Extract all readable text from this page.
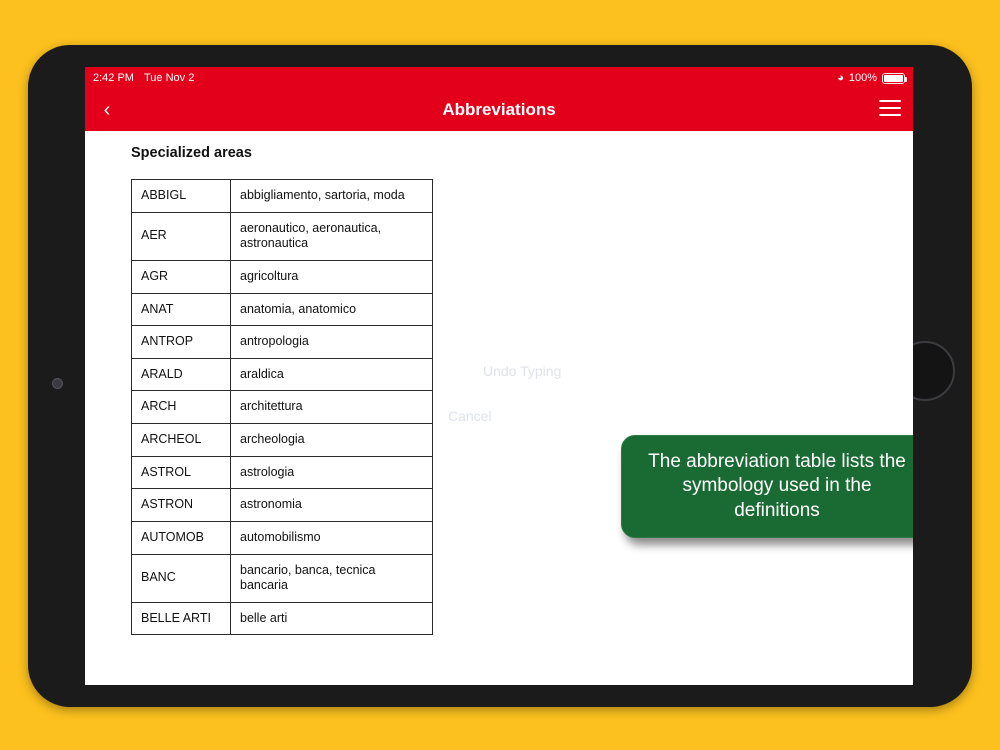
2:42 PM Tue Nov 2	◕ 100%
‹	Abbreviations
Specialized areas
Undo Typing
Cancel
ABBIGL	abbigliamento, sartoria, moda
AER	aeronautico, aeronautica, astronautica
AGR	agricoltura
ANAT	anatomia, anatomico
ANTROP	antropologia
ARALD	araldica
ARCH	architettura
ARCHEOL	archeologia
ASTROL	astrologia
ASTRON	astronomia
AUTOMOB	automobilismo
BANC	bancario, banca, tecnica bancaria
BELLE ARTI	belle arti
The abbreviation table lists the symbology used in the definitions
